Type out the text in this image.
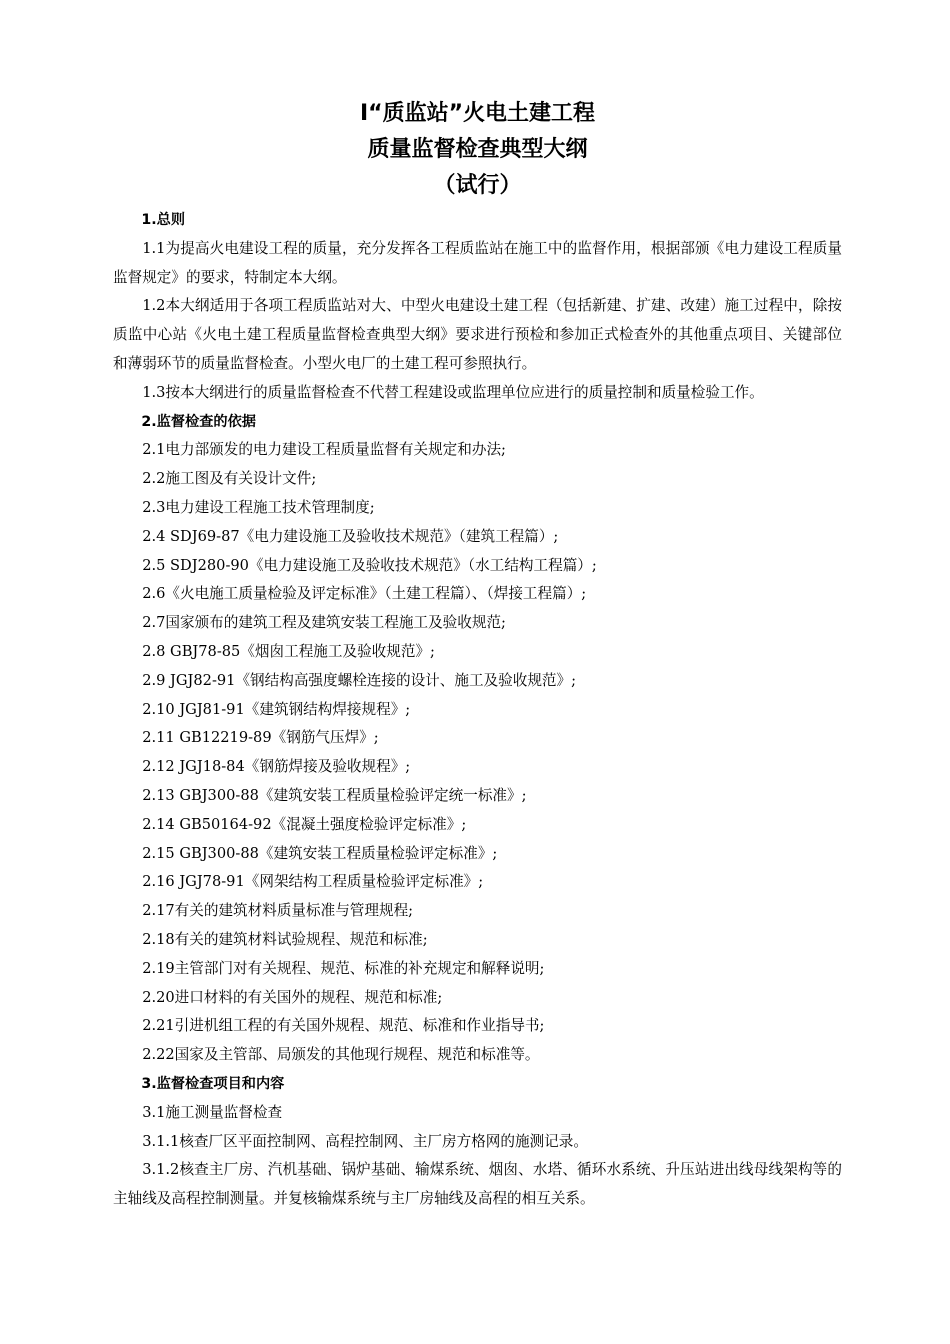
I“质监站”火电土建工程

质量监督检查典型大纲

（试行）

1.总则

1.1为提高火电建设工程的质量，充分发挥各工程质监站在施工中的监督作用，根据部颁《电力建设工程质量监督规定》的要求，特制定本大纲。

1.2本大纲适用于各项工程质监站对大、中型火电建设土建工程（包括新建、扩建、改建）施工过程中，除按质监中心站《火电土建工程质量监督检查典型大纲》要求进行预检和参加正式检查外的其他重点项目、关键部位和薄弱环节的质量监督检查。小型火电厂的土建工程可参照执行。

1.3按本大纲进行的质量监督检查不代替工程建设或监理单位应进行的质量控制和质量检验工作。

2.监督检查的依据

2.1电力部颁发的电力建设工程质量监督有关规定和办法;

2.2施工图及有关设计文件;

2.3电力建设工程施工技术管理制度;

2.4 SDJ69-87《电力建设施工及验收技术规范》（建筑工程篇）;

2.5 SDJ280-90《电力建设施工及验收技术规范》（水工结构工程篇）;

2.6《火电施工质量检验及评定标准》（土建工程篇）、（焊接工程篇）;

2.7国家颁布的建筑工程及建筑安装工程施工及验收规范;

2.8 GBJ78-85《烟囱工程施工及验收规范》;

2.9 JGJ82-91《钢结构高强度螺栓连接的设计、施工及验收规范》;

2.10 JGJ81-91《建筑钢结构焊接规程》;

2.11 GB12219-89《钢筋气压焊》;

2.12 JGJ18-84《钢筋焊接及验收规程》;

2.13 GBJ300-88《建筑安装工程质量检验评定统一标准》;

2.14 GB50164-92《混凝土强度检验评定标准》;

2.15 GBJ300-88《建筑安装工程质量检验评定标准》;

2.16 JGJ78-91《网架结构工程质量检验评定标准》;

2.17有关的建筑材料质量标准与管理规程;

2.18有关的建筑材料试验规程、规范和标准;

2.19主管部门对有关规程、规范、标准的补充规定和解释说明;

2.20进口材料的有关国外的规程、规范和标准;

2.21引进机组工程的有关国外规程、规范、标准和作业指导书;

2.22国家及主管部、局颁发的其他现行规程、规范和标准等。

3.监督检查项目和内容

3.1施工测量监督检查

3.1.1核查厂区平面控制网、高程控制网、主厂房方格网的施测记录。

3.1.2核查主厂房、汽机基础、锅炉基础、输煤系统、烟囱、水塔、循环水系统、升压站进出线母线架构等的主轴线及高程控制测量。并复核输煤系统与主厂房轴线及高程的相互关系。
